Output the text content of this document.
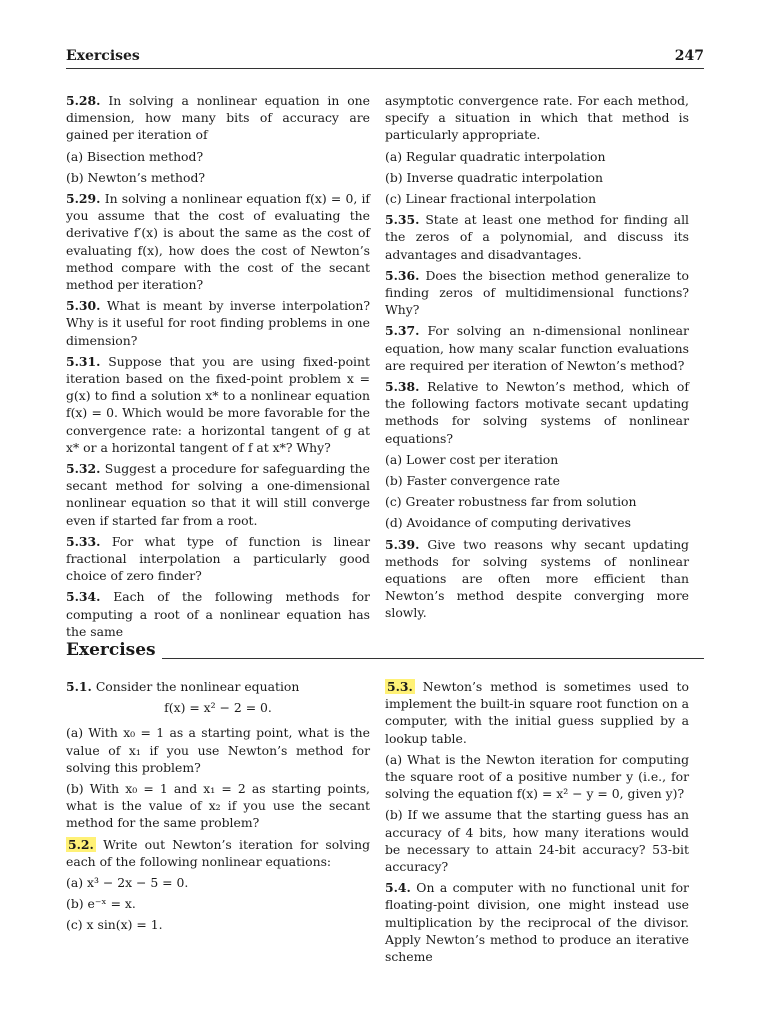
Exercises	247
5.28. In solving a nonlinear equation in one dimension, how many bits of accuracy are gained per iteration of
(a) Bisection method?
(b) Newton’s method?
5.29. In solving a nonlinear equation f(x) = 0, if you assume that the cost of evaluating the derivative f′(x) is about the same as the cost of evaluating f(x), how does the cost of Newton’s method compare with the cost of the secant method per iteration?
5.30. What is meant by inverse interpolation? Why is it useful for root finding problems in one dimension?
5.31. Suppose that you are using fixed-point iteration based on the fixed-point problem x = g(x) to find a solution x* to a nonlinear equation f(x) = 0. Which would be more favorable for the convergence rate: a horizontal tangent of g at x* or a horizontal tangent of f at x*? Why?
5.32. Suggest a procedure for safeguarding the secant method for solving a one-dimensional nonlinear equation so that it will still converge even if started far from a root.
5.33. For what type of function is linear fractional interpolation a particularly good choice of zero finder?
5.34. Each of the following methods for computing a root of a nonlinear equation has the same
asymptotic convergence rate. For each method, specify a situation in which that method is particularly appropriate.
(a) Regular quadratic interpolation
(b) Inverse quadratic interpolation
(c) Linear fractional interpolation
5.35. State at least one method for finding all the zeros of a polynomial, and discuss its advantages and disadvantages.
5.36. Does the bisection method generalize to finding zeros of multidimensional functions? Why?
5.37. For solving an n-dimensional nonlinear equation, how many scalar function evaluations are required per iteration of Newton’s method?
5.38. Relative to Newton’s method, which of the following factors motivate secant updating methods for solving systems of nonlinear equations?
(a) Lower cost per iteration
(b) Faster convergence rate
(c) Greater robustness far from solution
(d) Avoidance of computing derivatives
5.39. Give two reasons why secant updating methods for solving systems of nonlinear equations are often more efficient than Newton’s method despite converging more slowly.
Exercises
5.1. Consider the nonlinear equation
f(x) = x² − 2 = 0.
(a) With x₀ = 1 as a starting point, what is the value of x₁ if you use Newton’s method for solving this problem?
(b) With x₀ = 1 and x₁ = 2 as starting points, what is the value of x₂ if you use the secant method for the same problem?
5.2. Write out Newton’s iteration for solving each of the following nonlinear equations:
(a) x³ − 2x − 5 = 0.
(b) e⁻ˣ = x.
(c) x sin(x) = 1.
5.3. Newton’s method is sometimes used to implement the built-in square root function on a computer, with the initial guess supplied by a lookup table.
(a) What is the Newton iteration for computing the square root of a positive number y (i.e., for solving the equation f(x) = x² − y = 0, given y)?
(b) If we assume that the starting guess has an accuracy of 4 bits, how many iterations would be necessary to attain 24-bit accuracy? 53-bit accuracy?
5.4. On a computer with no functional unit for floating-point division, one might instead use multiplication by the reciprocal of the divisor. Apply Newton’s method to produce an iterative scheme
